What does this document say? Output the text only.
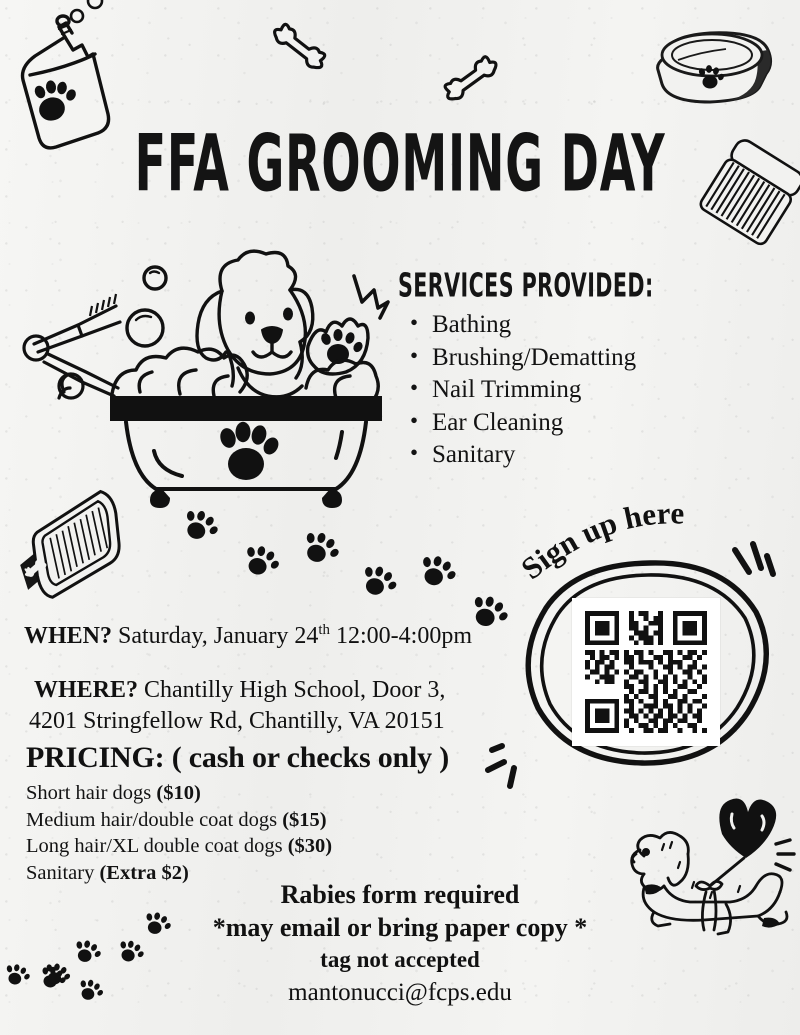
FFA GROOMING DAY
SERVICES PROVIDED:
• Bathing
• Brushing/Dematting
• Nail Trimming
• Ear Cleaning
• Sanitary
Sign up here
WHEN? Saturday, January 24th 12:00-4:00pm
WHERE? Chantilly High School, Door 3,
4201 Stringfellow Rd, Chantilly, VA 20151
PRICING: ( cash or checks only )
Short hair dogs ($10)
Medium hair/double coat dogs ($15)
Long hair/XL double coat dogs ($30)
Sanitary (Extra $2)
Rabies form required
*may email or bring paper copy *
tag not accepted
mantonucci@fcps.edu
